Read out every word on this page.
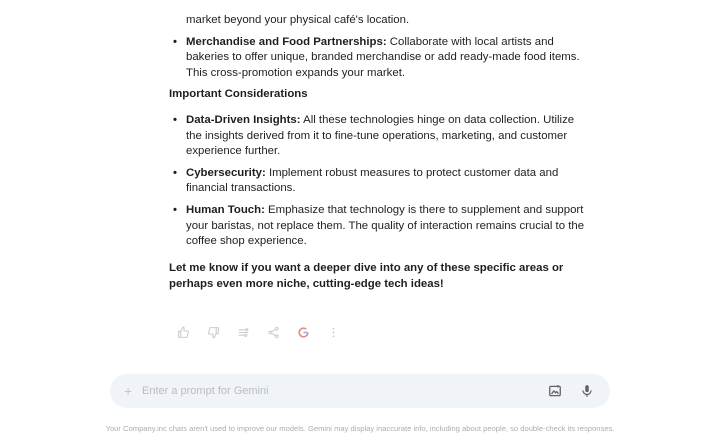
market beyond your physical café's location.
• Merchandise and Food Partnerships: Collaborate with local artists and bakeries to offer unique, branded merchandise or add ready-made food items. This cross-promotion expands your market.
Important Considerations
• Data-Driven Insights: All these technologies hinge on data collection. Utilize the insights derived from it to fine-tune operations, marketing, and customer experience further.
• Cybersecurity: Implement robust measures to protect customer data and financial transactions.
• Human Touch: Emphasize that technology is there to supplement and support your baristas, not replace them. The quality of interaction remains crucial to the coffee shop experience.
Let me know if you want a deeper dive into any of these specific areas or perhaps even more niche, cutting-edge tech ideas!
+
Enter a prompt for Gemini
Your Company.inc chats aren't used to improve our models. Gemini may display inaccurate info, including about people, so double-check its responses.
